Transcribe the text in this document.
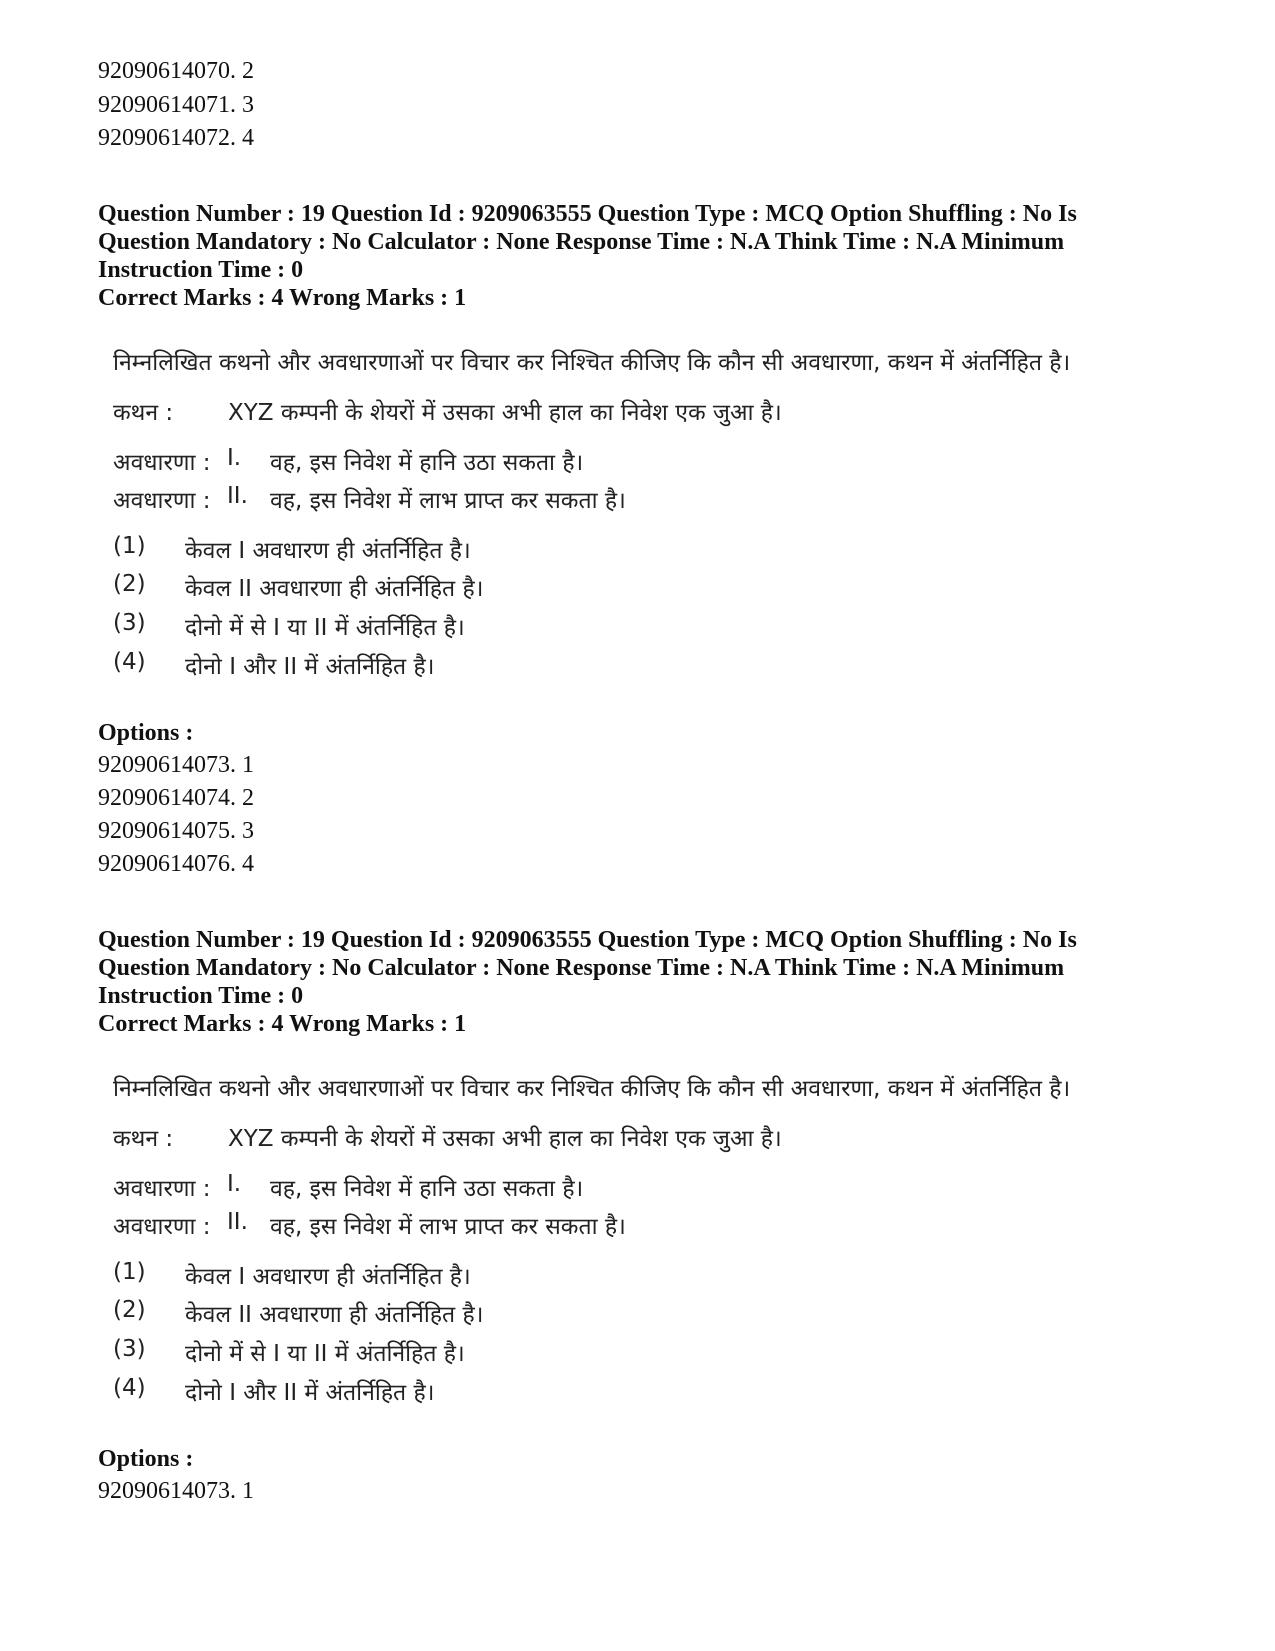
92090614070. 2
92090614071. 3
92090614072. 4
Question Number : 19 Question Id : 9209063555 Question Type : MCQ Option Shuffling : No Is Question Mandatory : No Calculator : None Response Time : N.A Think Time : N.A Minimum Instruction Time : 0
Correct Marks : 4 Wrong Marks : 1
निम्नलिखित कथनो और अवधारणाओं पर विचार कर निश्चित कीजिए कि कौन सी अवधारणा, कथन में अंतर्निहित है।
कथन : XYZ कम्पनी के शेयरों में उसका अभी हाल का निवेश एक जुआ है।
अवधारणा : I. वह, इस निवेश में हानि उठा सकता है।
अवधारणा : II. वह, इस निवेश में लाभ प्राप्त कर सकता है।
(1) केवल I अवधारण ही अंतर्निहित है।
(2) केवल II अवधारणा ही अंतर्निहित है।
(3) दोनो में से I या II में अंतर्निहित है।
(4) दोनो I और II में अंतर्निहित है।
Options :
92090614073. 1
92090614074. 2
92090614075. 3
92090614076. 4
Question Number : 19 Question Id : 9209063555 Question Type : MCQ Option Shuffling : No Is Question Mandatory : No Calculator : None Response Time : N.A Think Time : N.A Minimum Instruction Time : 0
Correct Marks : 4 Wrong Marks : 1
निम्नलिखित कथनो और अवधारणाओं पर विचार कर निश्चित कीजिए कि कौन सी अवधारणा, कथन में अंतर्निहित है।
कथन : XYZ कम्पनी के शेयरों में उसका अभी हाल का निवेश एक जुआ है।
अवधारणा : I. वह, इस निवेश में हानि उठा सकता है।
अवधारणा : II. वह, इस निवेश में लाभ प्राप्त कर सकता है।
(1) केवल I अवधारण ही अंतर्निहित है।
(2) केवल II अवधारणा ही अंतर्निहित है।
(3) दोनो में से I या II में अंतर्निहित है।
(4) दोनो I और II में अंतर्निहित है।
Options :
92090614073. 1
